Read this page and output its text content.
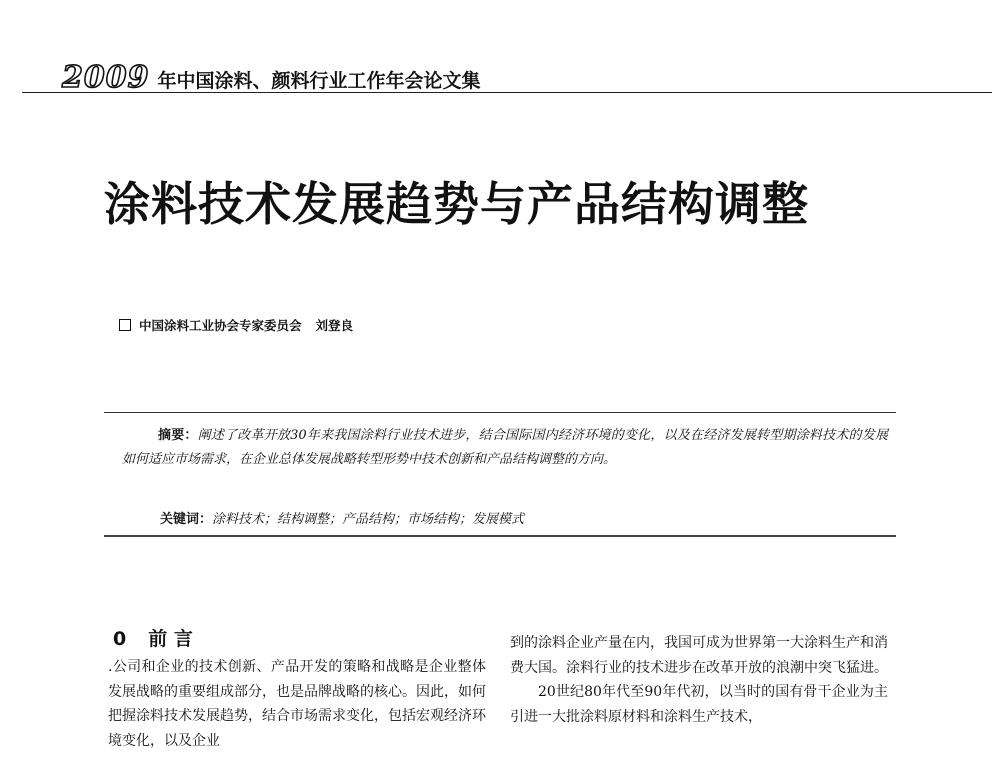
2009 年中国涂料、颜料行业工作年会论文集
涂料技术发展趋势与产品结构调整
中国涂料工业协会专家委员会 刘登良
摘要：阐述了改革开放30年来我国涂料行业技术进步，结合国际国内经济环境的变化，以及在经济发展转型期涂料技术的发展如何适应市场需求，在企业总体发展战略转型形势中技术创新和产品结构调整的方向。
关键词：涂料技术；结构调整；产品结构；市场结构；发展模式
0 前 言
.公司和企业的技术创新、产品开发的策略和战略是企业整体发展战略的重要组成部分，也是品牌战略的核心。因此，如何把握涂料技术发展趋势，结合市场需求变化，包括宏观经济环境变化，以及企业
到的涂料企业产量在内，我国可成为世界第一大涂料生产和消费大国。涂料行业的技术进步在改革开放的浪潮中突飞猛进。
20世纪80年代至90年代初，以当时的国有骨干企业为主引进一大批涂料原材料和涂料生产技术，
